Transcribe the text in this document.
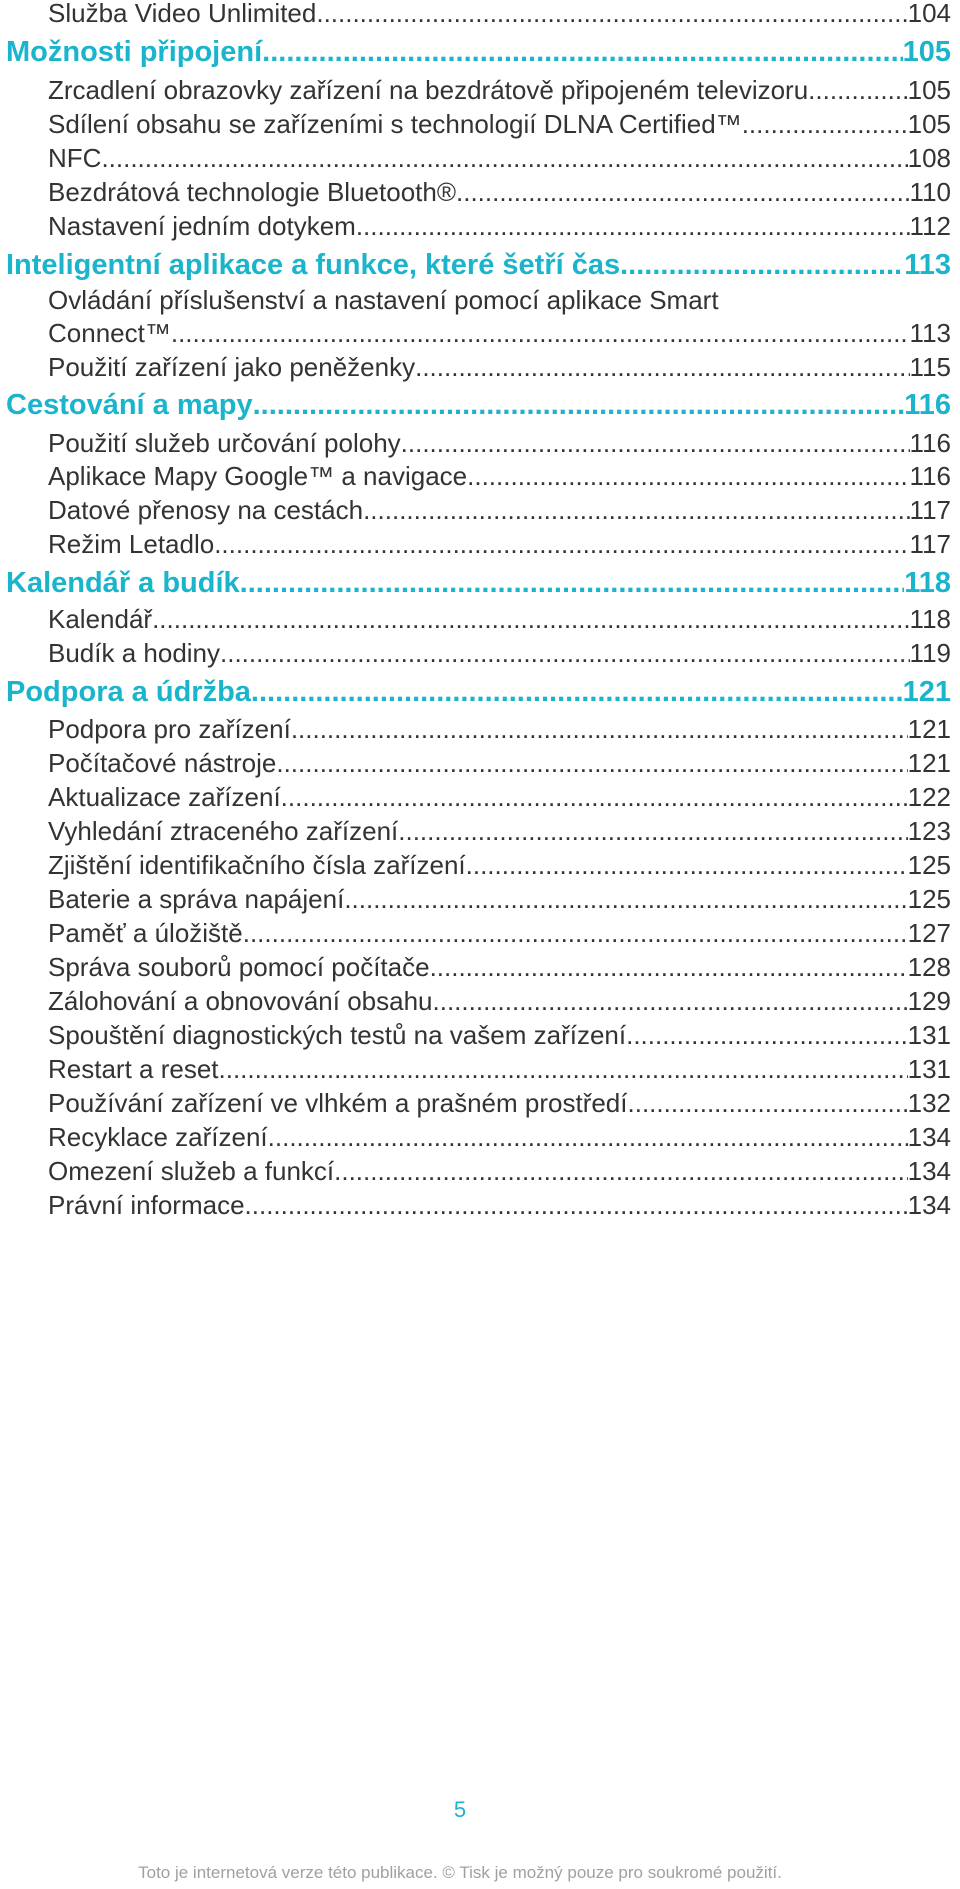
Služba Video Unlimited .....	104
Možnosti připojení .....	105
Zrcadlení obrazovky zařízení na bezdrátově připojeném televizoru .....	105
Sdílení obsahu se zařízeními s technologií DLNA Certified™ .....	105
NFC .....	108
Bezdrátová technologie Bluetooth® .....	110
Nastavení jedním dotykem .....	112
Inteligentní aplikace a funkce, které šetří čas .....	113
Ovládání příslušenství a nastavení pomocí aplikace Smart
Connect™ .....	113
Použití zařízení jako peněženky .....	115
Cestování a mapy .....	116
Použití služeb určování polohy .....	116
Aplikace Mapy Google™ a navigace .....	116
Datové přenosy na cestách .....	117
Režim Letadlo .....	117
Kalendář a budík .....	118
Kalendář .....	118
Budík a hodiny .....	119
Podpora a údržba .....	121
Podpora pro zařízení .....	121
Počítačové nástroje .....	121
Aktualizace zařízení .....	122
Vyhledání ztraceného zařízení .....	123
Zjištění identifikačního čísla zařízení .....	125
Baterie a správa napájení .....	125
Paměť a úložiště .....	127
Správa souborů pomocí počítače .....	128
Zálohování a obnovování obsahu .....	129
Spouštění diagnostických testů na vašem zařízení .....	131
Restart a reset .....	131
Používání zařízení ve vlhkém a prašném prostředí .....	132
Recyklace zařízení .....	134
Omezení služeb a funkcí .....	134
Právní informace .....	134
5
Toto je internetová verze této publikace. © Tisk je možný pouze pro soukromé použití.
